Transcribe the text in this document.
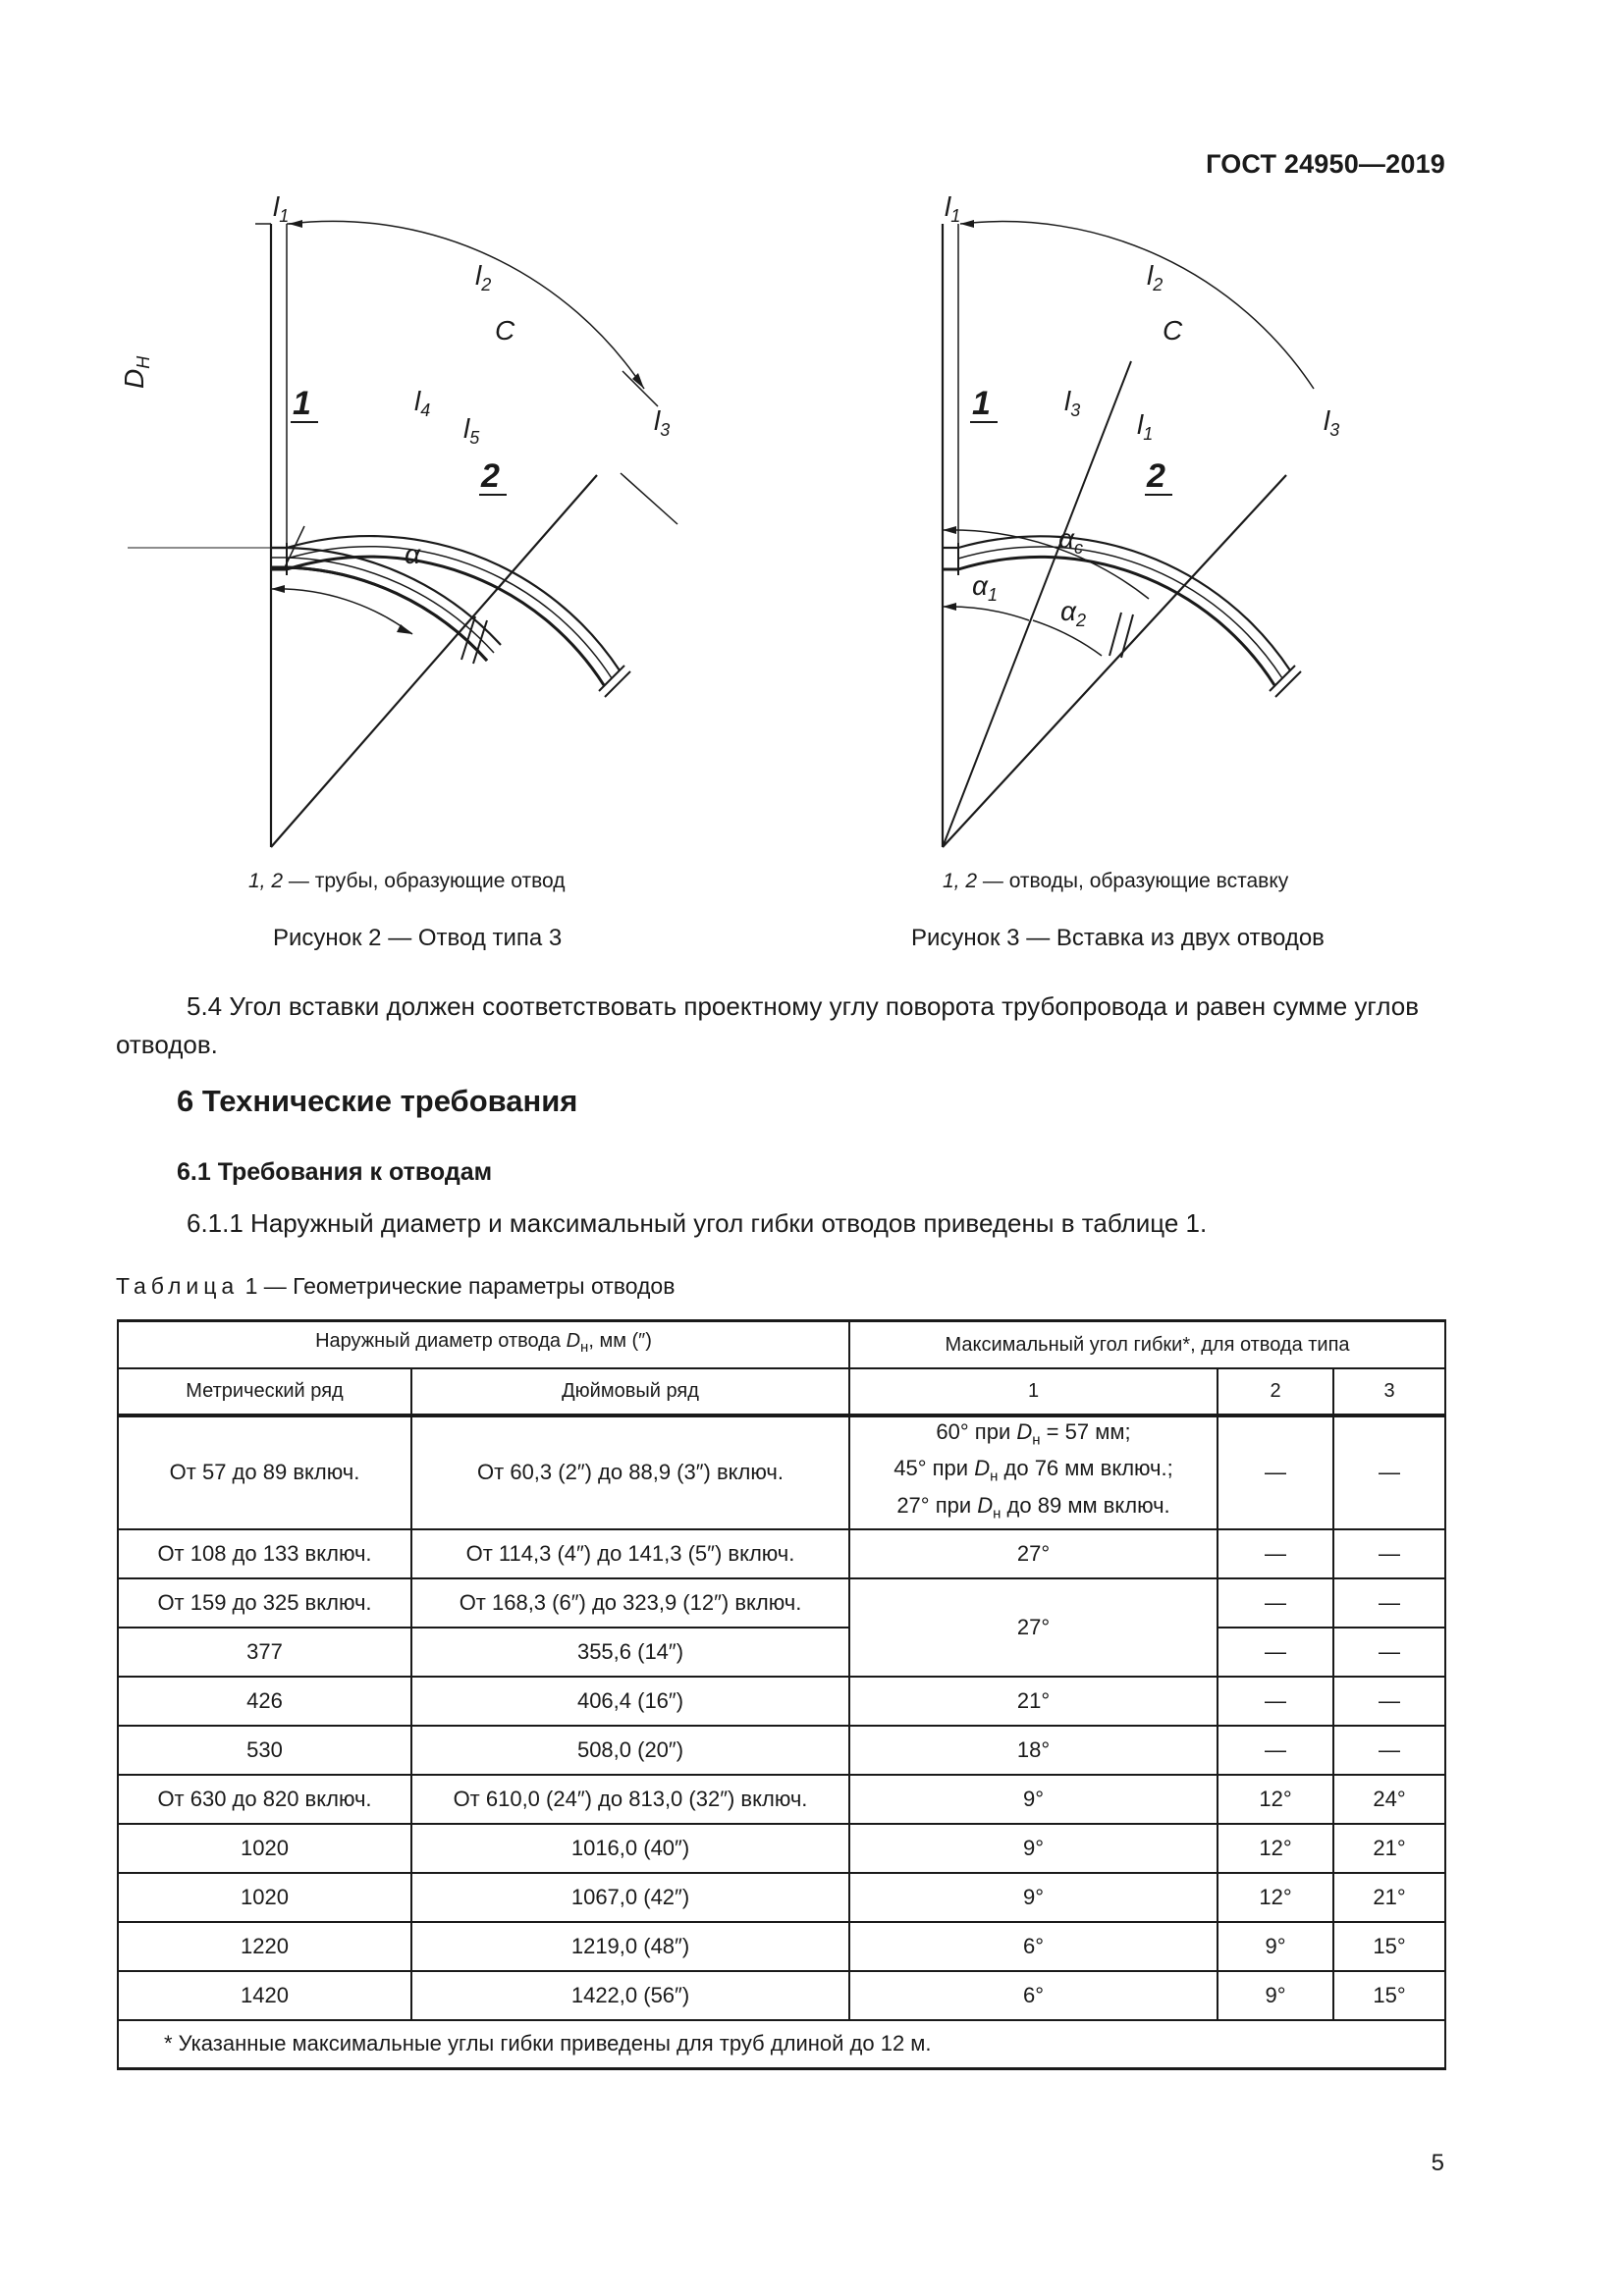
ГОСТ 24950—2019
$l_1$
$l_2$
$l_3$
$l_4$
$l_5$
C
α
$D_Н$
1
2
$l_1$
$l_2$
$l_3$
$l_3$ $l_1$
C
$\alpha_c$
$\alpha_1$
$\alpha_2$
1
2
1, 2 — трубы, образующие отвод
Рисунок 2 — Отвод типа 3
1, 2 — отводы, образующие вставку
Рисунок 3 — Вставка из двух отводов
5.4 Угол вставки должен соответствовать проектному углу поворота трубопровода и равен сумме углов отводов.
6 Технические требования
6.1 Требования к отводам
6.1.1 Наружный диаметр и максимальный угол гибки отводов приведены в таблице 1.
Таблица 1 — Геометрические параметры отводов
Наружный диаметр отвода $D_н$, мм (″)		Максимальный угол гибки*, для отвода типа		
Метрический ряд	Дюймовый ряд	1	2	3
От 57 до 89 включ.	От 60,3 (2″) до 88,9 (3″) включ.	60° при $D_н = 57$ мм;
45° при $D_н$ до 76 мм включ.;
27° при $D_н$ до 89 мм включ.	—	—
От 108 до 133 включ.	От 114,3 (4″) до 141,3 (5″) включ.	27°	—	—
От 159 до 325 включ.	От 168,3 (6″) до 323,9 (12″) включ.	27°	—	—
377	355,6 (14″)		—	—
426	406,4 (16″)	21°	—	—
530	508,0 (20″)	18°	—	—
От 630 до 820 включ.	От 610,0 (24″) до 813,0 (32″) включ.	9°	12°	24°
1020	1016,0 (40″)	9°	12°	21°
1020	1067,0 (42″)	9°	12°	21°
1220	1219,0 (48″)	6°	9°	15°
1420	1422,0 (56″)	6°	9°	15°
* Указанные максимальные углы гибки приведены для труб длиной до 12 м.				
5
